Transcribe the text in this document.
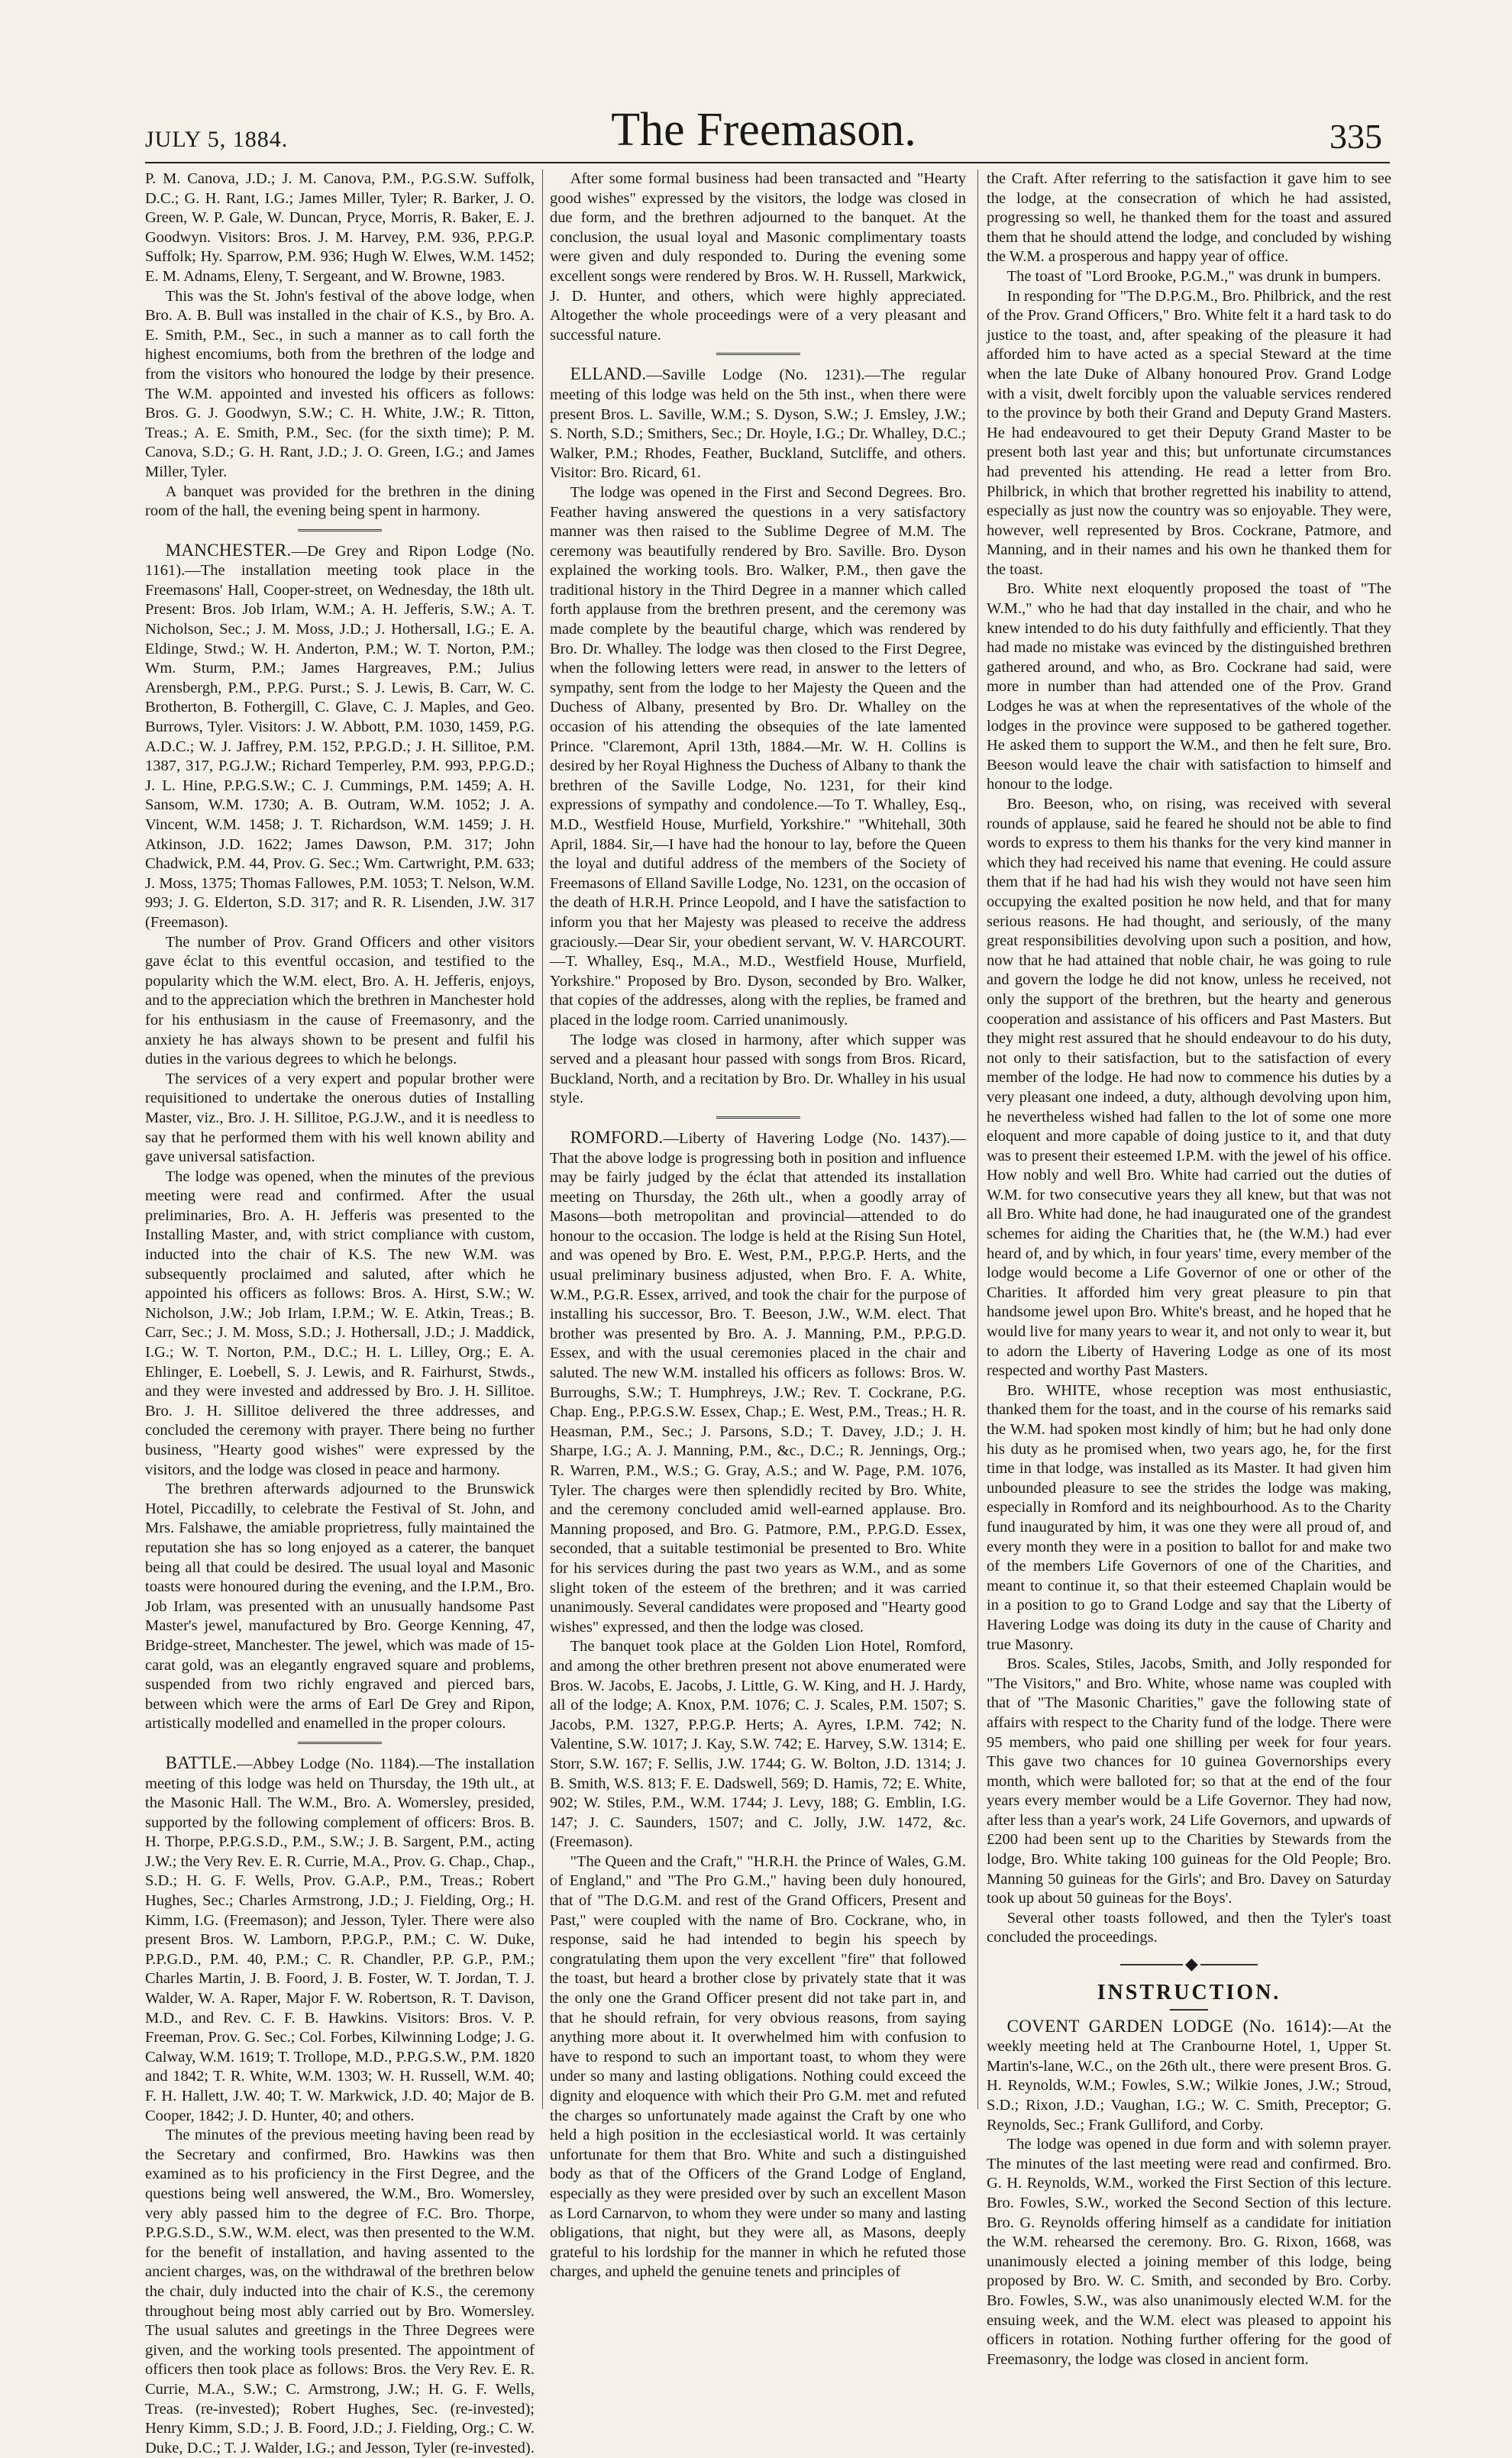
JULY 5, 1884.	The Freemason.	335

P. M. Canova, J.D.; J. M. Canova, P.M., P.G.S.W. Suffolk, D.C.; G. H. Rant, I.G.; James Miller, Tyler; R. Barker, J. O. Green, W. P. Gale, W. Duncan, Pryce, Morris, R. Baker, E. J. Goodwyn. Visitors: Bros. J. M. Harvey, P.M. 936, P.P.G.P. Suffolk; Hy. Sparrow, P.M. 936; Hugh W. Elwes, W.M. 1452; E. M. Adnams, Eleny, T. Sergeant, and W. Browne, 1983.

This was the St. John's festival of the above lodge, when Bro. A. B. Bull was installed in the chair of K.S., by Bro. A. E. Smith, P.M., Sec., in such a manner as to call forth the highest encomiums, both from the brethren of the lodge and from the visitors who honoured the lodge by their presence. The W.M. appointed and invested his officers as follows: Bros. G. J. Goodwyn, S.W.; C. H. White, J.W.; R. Titton, Treas.; A. E. Smith, P.M., Sec. (for the sixth time); P. M. Canova, S.D.; G. H. Rant, J.D.; J. O. Green, I.G.; and James Miller, Tyler.

A banquet was provided for the brethren in the dining room of the hall, the evening being spent in harmony.

MANCHESTER.—De Grey and Ripon Lodge (No. 1161).—The installation meeting took place in the Freemasons' Hall, Cooper-street, on Wednesday, the 18th ult. Present: Bros. Job Irlam, W.M.; A. H. Jefferis, S.W.; A. T. Nicholson, Sec.; J. M. Moss, J.D.; J. Hothersall, I.G.; E. A. Eldinge, Stwd.; W. H. Anderton, P.M.; W. T. Norton, P.M.; Wm. Sturm, P.M.; James Hargreaves, P.M.; Julius Arensbergh, P.M., P.P.G. Purst.; S. J. Lewis, B. Carr, W. C. Brotherton, B. Fothergill, C. Glave, C. J. Maples, and Geo. Burrows, Tyler. Visitors: J. W. Abbott, P.M. 1030, 1459, P.G. A.D.C.; W. J. Jaffrey, P.M. 152, P.P.G.D.; J. H. Sillitoe, P.M. 1387, 317, P.G.J.W.; Richard Temperley, P.M. 993, P.P.G.D.; J. L. Hine, P.P.G.S.W.; C. J. Cummings, P.M. 1459; A. H. Sansom, W.M. 1730; A. B. Outram, W.M. 1052; J. A. Vincent, W.M. 1458; J. T. Richardson, W.M. 1459; J. H. Atkinson, J.D. 1622; James Dawson, P.M. 317; John Chadwick, P.M. 44, Prov. G. Sec.; Wm. Cartwright, P.M. 633; J. Moss, 1375; Thomas Fallowes, P.M. 1053; T. Nelson, W.M. 993; J. G. Elderton, S.D. 317; and R. R. Lisenden, J.W. 317 (Freemason).

The number of Prov. Grand Officers and other visitors gave éclat to this eventful occasion, and testified to the popularity which the W.M. elect, Bro. A. H. Jefferis, enjoys, and to the appreciation which the brethren in Manchester hold for his enthusiasm in the cause of Freemasonry, and the anxiety he has always shown to be present and fulfil his duties in the various degrees to which he belongs.

The services of a very expert and popular brother were requisitioned to undertake the onerous duties of Installing Master, viz., Bro. J. H. Sillitoe, P.G.J.W., and it is needless to say that he performed them with his well known ability and gave universal satisfaction.

The lodge was opened, when the minutes of the previous meeting were read and confirmed. After the usual preliminaries, Bro. A. H. Jefferis was presented to the Installing Master, and, with strict compliance with custom, inducted into the chair of K.S. The new W.M. was subsequently proclaimed and saluted, after which he appointed his officers as follows: Bros. A. Hirst, S.W.; W. Nicholson, J.W.; Job Irlam, I.P.M.; W. E. Atkin, Treas.; B. Carr, Sec.; J. M. Moss, S.D.; J. Hothersall, J.D.; J. Maddick, I.G.; W. T. Norton, P.M., D.C.; H. L. Lilley, Org.; E. A. Ehlinger, E. Loebell, S. J. Lewis, and R. Fairhurst, Stwds., and they were invested and addressed by Bro. J. H. Sillitoe. Bro. J. H. Sillitoe delivered the three addresses, and concluded the ceremony with prayer. There being no further business, "Hearty good wishes" were expressed by the visitors, and the lodge was closed in peace and harmony.

The brethren afterwards adjourned to the Brunswick Hotel, Piccadilly, to celebrate the Festival of St. John, and Mrs. Falshawe, the amiable proprietress, fully maintained the reputation she has so long enjoyed as a caterer, the banquet being all that could be desired. The usual loyal and Masonic toasts were honoured during the evening, and the I.P.M., Bro. Job Irlam, was presented with an unusually handsome Past Master's jewel, manufactured by Bro. George Kenning, 47, Bridge-street, Manchester. The jewel, which was made of 15-carat gold, was an elegantly engraved square and problems, suspended from two richly engraved and pierced bars, between which were the arms of Earl De Grey and Ripon, artistically modelled and enamelled in the proper colours.

BATTLE.—Abbey Lodge (No. 1184).—The installation meeting of this lodge was held on Thursday, the 19th ult., at the Masonic Hall. The W.M., Bro. A. Womersley, presided, supported by the following complement of officers: Bros. B. H. Thorpe, P.P.G.S.D., P.M., S.W.; J. B. Sargent, P.M., acting J.W.; the Very Rev. E. R. Currie, M.A., Prov. G. Chap., Chap., S.D.; H. G. F. Wells, Prov. G.A.P., P.M., Treas.; Robert Hughes, Sec.; Charles Armstrong, J.D.; J. Fielding, Org.; H. Kimm, I.G. (Freemason); and Jesson, Tyler. There were also present Bros. W. Lamborn, P.P.G.P., P.M.; C. W. Duke, P.P.G.D., P.M. 40, P.M.; C. R. Chandler, P.P. G.P., P.M.; Charles Martin, J. B. Foord, J. B. Foster, W. T. Jordan, T. J. Walder, W. A. Raper, Major F. W. Robertson, R. T. Davison, M.D., and Rev. C. F. B. Hawkins. Visitors: Bros. V. P. Freeman, Prov. G. Sec.; Col. Forbes, Kilwinning Lodge; J. G. Calway, W.M. 1619; T. Trollope, M.D., P.P.G.S.W., P.M. 1820 and 1842; T. R. White, W.M. 1303; W. H. Russell, W.M. 40; F. H. Hallett, J.W. 40; T. W. Markwick, J.D. 40; Major de B. Cooper, 1842; J. D. Hunter, 40; and others.

The minutes of the previous meeting having been read by the Secretary and confirmed, Bro. Hawkins was then examined as to his proficiency in the First Degree, and the questions being well answered, the W.M., Bro. Womersley, very ably passed him to the degree of F.C. Bro. Thorpe, P.P.G.S.D., S.W., W.M. elect, was then presented to the W.M. for the benefit of installation, and having assented to the ancient charges, was, on the withdrawal of the brethren below the chair, duly inducted into the chair of K.S., the ceremony throughout being most ably carried out by Bro. Womersley. The usual salutes and greetings in the Three Degrees were given, and the working tools presented. The appointment of officers then took place as follows: Bros. the Very Rev. E. R. Currie, M.A., S.W.; C. Armstrong, J.W.; H. G. F. Wells, Treas. (re-invested); Robert Hughes, Sec. (re-invested); Henry Kimm, S.D.; J. B. Foord, J.D.; J. Fielding, Org.; C. W. Duke, D.C.; T. J. Walder, I.G.; and Jesson, Tyler (re-invested).

After some formal business had been transacted and "Hearty good wishes" expressed by the visitors, the lodge was closed in due form, and the brethren adjourned to the banquet. At the conclusion, the usual loyal and Masonic complimentary toasts were given and duly responded to. During the evening some excellent songs were rendered by Bros. W. H. Russell, Markwick, J. D. Hunter, and others, which were highly appreciated. Altogether the whole proceedings were of a very pleasant and successful nature.

ELLAND.—Saville Lodge (No. 1231).—The regular meeting of this lodge was held on the 5th inst., when there were present Bros. L. Saville, W.M.; S. Dyson, S.W.; J. Emsley, J.W.; S. North, S.D.; Smithers, Sec.; Dr. Hoyle, I.G.; Dr. Whalley, D.C.; Walker, P.M.; Rhodes, Feather, Buckland, Sutcliffe, and others. Visitor: Bro. Ricard, 61.

The lodge was opened in the First and Second Degrees. Bro. Feather having answered the questions in a very satisfactory manner was then raised to the Sublime Degree of M.M. The ceremony was beautifully rendered by Bro. Saville. Bro. Dyson explained the working tools. Bro. Walker, P.M., then gave the traditional history in the Third Degree in a manner which called forth applause from the brethren present, and the ceremony was made complete by the beautiful charge, which was rendered by Bro. Dr. Whalley. The lodge was then closed to the First Degree, when the following letters were read, in answer to the letters of sympathy, sent from the lodge to her Majesty the Queen and the Duchess of Albany, presented by Bro. Dr. Whalley on the occasion of his attending the obsequies of the late lamented Prince. "Claremont, April 13th, 1884.—Mr. W. H. Collins is desired by her Royal Highness the Duchess of Albany to thank the brethren of the Saville Lodge, No. 1231, for their kind expressions of sympathy and condolence.—To T. Whalley, Esq., M.D., Westfield House, Murfield, Yorkshire." "Whitehall, 30th April, 1884. Sir,—I have had the honour to lay, before the Queen the loyal and dutiful address of the members of the Society of Freemasons of Elland Saville Lodge, No. 1231, on the occasion of the death of H.R.H. Prince Leopold, and I have the satisfaction to inform you that her Majesty was pleased to receive the address graciously.—Dear Sir, your obedient servant, W. V. HARCOURT.—T. Whalley, Esq., M.A., M.D., Westfield House, Murfield, Yorkshire." Proposed by Bro. Dyson, seconded by Bro. Walker, that copies of the addresses, along with the replies, be framed and placed in the lodge room. Carried unanimously.

The lodge was closed in harmony, after which supper was served and a pleasant hour passed with songs from Bros. Ricard, Buckland, North, and a recitation by Bro. Dr. Whalley in his usual style.

ROMFORD.—Liberty of Havering Lodge (No. 1437).—That the above lodge is progressing both in position and influence may be fairly judged by the éclat that attended its installation meeting on Thursday, the 26th ult., when a goodly array of Masons—both metropolitan and provincial—attended to do honour to the occasion. The lodge is held at the Rising Sun Hotel, and was opened by Bro. E. West, P.M., P.P.G.P. Herts, and the usual preliminary business adjusted, when Bro. F. A. White, W.M., P.G.R. Essex, arrived, and took the chair for the purpose of installing his successor, Bro. T. Beeson, J.W., W.M. elect. That brother was presented by Bro. A. J. Manning, P.M., P.P.G.D. Essex, and with the usual ceremonies placed in the chair and saluted. The new W.M. installed his officers as follows: Bros. W. Burroughs, S.W.; T. Humphreys, J.W.; Rev. T. Cockrane, P.G. Chap. Eng., P.P.G.S.W. Essex, Chap.; E. West, P.M., Treas.; H. R. Heasman, P.M., Sec.; J. Parsons, S.D.; T. Davey, J.D.; J. H. Sharpe, I.G.; A. J. Manning, P.M., &c., D.C.; R. Jennings, Org.; R. Warren, P.M., W.S.; G. Gray, A.S.; and W. Page, P.M. 1076, Tyler. The charges were then splendidly recited by Bro. White, and the ceremony concluded amid well-earned applause. Bro. Manning proposed, and Bro. G. Patmore, P.M., P.P.G.D. Essex, seconded, that a suitable testimonial be presented to Bro. White for his services during the past two years as W.M., and as some slight token of the esteem of the brethren; and it was carried unanimously. Several candidates were proposed and "Hearty good wishes" expressed, and then the lodge was closed.

The banquet took place at the Golden Lion Hotel, Romford, and among the other brethren present not above enumerated were Bros. W. Jacobs, E. Jacobs, J. Little, G. W. King, and H. J. Hardy, all of the lodge; A. Knox, P.M. 1076; C. J. Scales, P.M. 1507; S. Jacobs, P.M. 1327, P.P.G.P. Herts; A. Ayres, I.P.M. 742; N. Valentine, S.W. 1017; J. Kay, S.W. 742; E. Harvey, S.W. 1314; E. Storr, S.W. 167; F. Sellis, J.W. 1744; G. W. Bolton, J.D. 1314; J. B. Smith, W.S. 813; F. E. Dadswell, 569; D. Hamis, 72; E. White, 902; W. Stiles, P.M., W.M. 1744; J. Levy, 188; G. Emblin, I.G. 147; J. C. Saunders, 1507; and C. Jolly, J.W. 1472, &c. (Freemason).

"The Queen and the Craft," "H.R.H. the Prince of Wales, G.M. of England," and "The Pro G.M.," having been duly honoured, that of "The D.G.M. and rest of the Grand Officers, Present and Past," were coupled with the name of Bro. Cockrane, who, in response, said he had intended to begin his speech by congratulating them upon the very excellent "fire" that followed the toast, but heard a brother close by privately state that it was the only one the Grand Officer present did not take part in, and that he should refrain, for very obvious reasons, from saying anything more about it. It overwhelmed him with confusion to have to respond to such an important toast, to whom they were under so many and lasting obligations. Nothing could exceed the dignity and eloquence with which their Pro G.M. met and refuted the charges so unfortunately made against the Craft by one who held a high position in the ecclesiastical world. It was certainly unfortunate for them that Bro. White and such a distinguished body as that of the Officers of the Grand Lodge of England, especially as they were presided over by such an excellent Mason as Lord Carnarvon, to whom they were under so many and lasting obligations, that night, but they were all, as Masons, deeply grateful to his lordship for the manner in which he refuted those charges, and upheld the genuine tenets and principles of

the Craft. After referring to the satisfaction it gave him to see the lodge, at the consecration of which he had assisted, progressing so well, he thanked them for the toast and assured them that he should attend the lodge, and concluded by wishing the W.M. a prosperous and happy year of office.

The toast of "Lord Brooke, P.G.M.," was drunk in bumpers.

In responding for "The D.P.G.M., Bro. Philbrick, and the rest of the Prov. Grand Officers," Bro. White felt it a hard task to do justice to the toast, and, after speaking of the pleasure it had afforded him to have acted as a special Steward at the time when the late Duke of Albany honoured Prov. Grand Lodge with a visit, dwelt forcibly upon the valuable services rendered to the province by both their Grand and Deputy Grand Masters. He had endeavoured to get their Deputy Grand Master to be present both last year and this; but unfortunate circumstances had prevented his attending. He read a letter from Bro. Philbrick, in which that brother regretted his inability to attend, especially as just now the country was so enjoyable. They were, however, well represented by Bros. Cockrane, Patmore, and Manning, and in their names and his own he thanked them for the toast.

Bro. White next eloquently proposed the toast of "The W.M.," who he had that day installed in the chair, and who he knew intended to do his duty faithfully and efficiently. That they had made no mistake was evinced by the distinguished brethren gathered around, and who, as Bro. Cockrane had said, were more in number than had attended one of the Prov. Grand Lodges he was at when the representatives of the whole of the lodges in the province were supposed to be gathered together. He asked them to support the W.M., and then he felt sure, Bro. Beeson would leave the chair with satisfaction to himself and honour to the lodge.

Bro. Beeson, who, on rising, was received with several rounds of applause, said he feared he should not be able to find words to express to them his thanks for the very kind manner in which they had received his name that evening. He could assure them that if he had had his wish they would not have seen him occupying the exalted position he now held, and that for many serious reasons. He had thought, and seriously, of the many great responsibilities devolving upon such a position, and how, now that he had attained that noble chair, he was going to rule and govern the lodge he did not know, unless he received, not only the support of the brethren, but the hearty and generous cooperation and assistance of his officers and Past Masters. But they might rest assured that he should endeavour to do his duty, not only to their satisfaction, but to the satisfaction of every member of the lodge. He had now to commence his duties by a very pleasant one indeed, a duty, although devolving upon him, he nevertheless wished had fallen to the lot of some one more eloquent and more capable of doing justice to it, and that duty was to present their esteemed I.P.M. with the jewel of his office. How nobly and well Bro. White had carried out the duties of W.M. for two consecutive years they all knew, but that was not all Bro. White had done, he had inaugurated one of the grandest schemes for aiding the Charities that, he (the W.M.) had ever heard of, and by which, in four years' time, every member of the lodge would become a Life Governor of one or other of the Charities. It afforded him very great pleasure to pin that handsome jewel upon Bro. White's breast, and he hoped that he would live for many years to wear it, and not only to wear it, but to adorn the Liberty of Havering Lodge as one of its most respected and worthy Past Masters.

Bro. WHITE, whose reception was most enthusiastic, thanked them for the toast, and in the course of his remarks said the W.M. had spoken most kindly of him; but he had only done his duty as he promised when, two years ago, he, for the first time in that lodge, was installed as its Master. It had given him unbounded pleasure to see the strides the lodge was making, especially in Romford and its neighbourhood. As to the Charity fund inaugurated by him, it was one they were all proud of, and every month they were in a position to ballot for and make two of the members Life Governors of one of the Charities, and meant to continue it, so that their esteemed Chaplain would be in a position to go to Grand Lodge and say that the Liberty of Havering Lodge was doing its duty in the cause of Charity and true Masonry.

Bros. Scales, Stiles, Jacobs, Smith, and Jolly responded for "The Visitors," and Bro. White, whose name was coupled with that of "The Masonic Charities," gave the following state of affairs with respect to the Charity fund of the lodge. There were 95 members, who paid one shilling per week for four years. This gave two chances for 10 guinea Governorships every month, which were balloted for; so that at the end of the four years every member would be a Life Governor. They had now, after less than a year's work, 24 Life Governors, and upwards of £200 had been sent up to the Charities by Stewards from the lodge, Bro. White taking 100 guineas for the Old People; Bro. Manning 50 guineas for the Girls'; and Bro. Davey on Saturday took up about 50 guineas for the Boys'.

Several other toasts followed, and then the Tyler's toast concluded the proceedings.

◆
INSTRUCTION.

COVENT GARDEN LODGE (No. 1614):—At the weekly meeting held at The Cranbourne Hotel, 1, Upper St. Martin's-lane, W.C., on the 26th ult., there were present Bros. G. H. Reynolds, W.M.; Fowles, S.W.; Wilkie Jones, J.W.; Stroud, S.D.; Rixon, J.D.; Vaughan, I.G.; W. C. Smith, Preceptor; G. Reynolds, Sec.; Frank Gulliford, and Corby.

The lodge was opened in due form and with solemn prayer. The minutes of the last meeting were read and confirmed. Bro. G. H. Reynolds, W.M., worked the First Section of this lecture. Bro. Fowles, S.W., worked the Second Section of this lecture. Bro. G. Reynolds offering himself as a candidate for initiation the W.M. rehearsed the ceremony. Bro. G. Rixon, 1668, was unanimously elected a joining member of this lodge, being proposed by Bro. W. C. Smith, and seconded by Bro. Corby. Bro. Fowles, S.W., was also unanimously elected W.M. for the ensuing week, and the W.M. elect was pleased to appoint his officers in rotation. Nothing further offering for the good of Freemasonry, the lodge was closed in ancient form.
